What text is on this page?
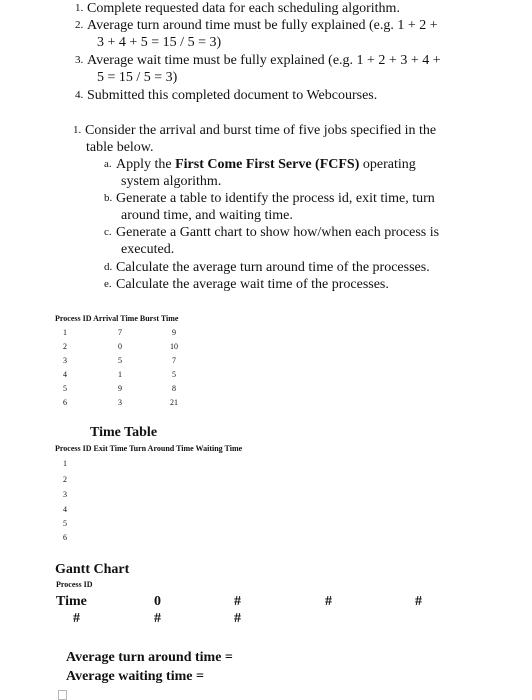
1. Complete requested data for each scheduling algorithm.
2. Average turn around time must be fully explained (e.g. 1 + 2 +
3 + 4 + 5 = 15 / 5 = 3)
3. Average wait time must be fully explained (e.g. 1 + 2 + 3 + 4 +
5 = 15 / 5 = 3)
4. Submitted this completed document to Webcourses.
1. Consider the arrival and burst time of five jobs specified in the
table below.
a. Apply the First Come First Serve (FCFS) operating
system algorithm.
b. Generate a table to identify the process id, exit time, turn
around time, and waiting time.
c. Generate a Gantt chart to show how/when each process is
executed.
d. Calculate the average turn around time of the processes.
e. Calculate the average wait time of the processes.
Process ID Arrival Time Burst Time
1	7	9
2	0	10
3	5	7
4	1	5
5	9	8
6	3	21
Time Table
Process ID Exit Time Turn Around Time Waiting Time
1
2
3
4
5
6
Gantt Chart
Process ID
Time	0	#	#	#
#	#	#
Average turn around time =
Average waiting time =
